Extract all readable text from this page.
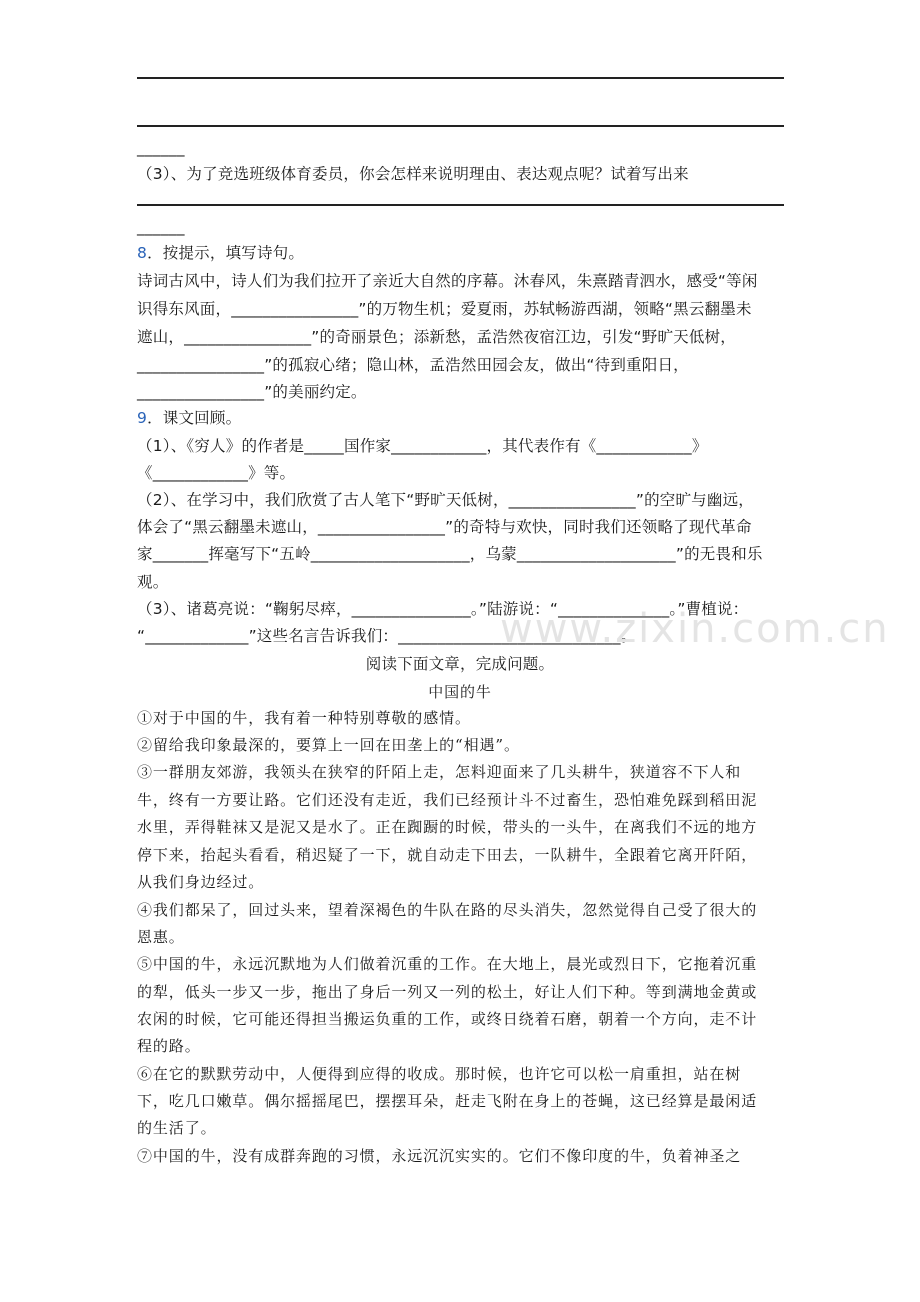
______
（3）、为了竞选班级体育委员，你会怎样来说明理由、表达观点呢？试着写出来
______
8．按提示，填写诗句。
诗词古风中，诗人们为我们拉开了亲近大自然的序幕。沐春风，朱熹踏青泗水，感受“等闲
识得东风面，________________”的万物生机；爱夏雨，苏轼畅游西湖，领略“黑云翻墨未
遮山，________________”的奇丽景色；添新愁，孟浩然夜宿江边，引发“野旷天低树，
________________”的孤寂心绪；隐山林，孟浩然田园会友，做出“待到重阳日，
________________”的美丽约定。
9．课文回顾。
（1）、《穷人》的作者是_____国作家____________，其代表作有《____________》
《____________》等。
（2）、在学习中，我们欣赏了古人笔下“野旷天低树，________________”的空旷与幽远，
体会了“黑云翻墨未遮山，________________”的奇特与欢快，同时我们还领略了现代革命
家_______挥毫写下“五岭____________________，乌蒙____________________”的无畏和乐
观。
（3）、诸葛亮说：“鞠躬尽瘁，_______________。”陆游说：“______________。”曹植说：
“_____________”这些名言告诉我们：____________________________。
www.zixin.com.cn
阅读下面文章，完成问题。
中国的牛
①对于中国的牛，我有着一种特别尊敬的感情。
②留给我印象最深的，要算上一回在田垄上的“相遇”。
③一群朋友郊游，我领头在狭窄的阡陌上走，怎料迎面来了几头耕牛，狭道容不下人和
牛，终有一方要让路。它们还没有走近，我们已经预计斗不过畜生，恐怕难免踩到稻田泥
水里，弄得鞋袜又是泥又是水了。正在踟蹰的时候，带头的一头牛，在离我们不远的地方
停下来，抬起头看看，稍迟疑了一下，就自动走下田去，一队耕牛，全跟着它离开阡陌，
从我们身边经过。
④我们都呆了，回过头来，望着深褐色的牛队在路的尽头消失，忽然觉得自己受了很大的
恩惠。
⑤中国的牛，永远沉默地为人们做着沉重的工作。在大地上，晨光或烈日下，它拖着沉重
的犁，低头一步又一步，拖出了身后一列又一列的松土，好让人们下种。等到满地金黄或
农闲的时候，它可能还得担当搬运负重的工作，或终日绕着石磨，朝着一个方向，走不计
程的路。
⑥在它的默默劳动中，人便得到应得的收成。那时候，也许它可以松一肩重担，站在树
下，吃几口嫩草。偶尔摇摇尾巴，摆摆耳朵，赶走飞附在身上的苍蝇，这已经算是最闲适
的生活了。
⑦中国的牛，没有成群奔跑的习惯，永远沉沉实实的。它们不像印度的牛，负着神圣之
